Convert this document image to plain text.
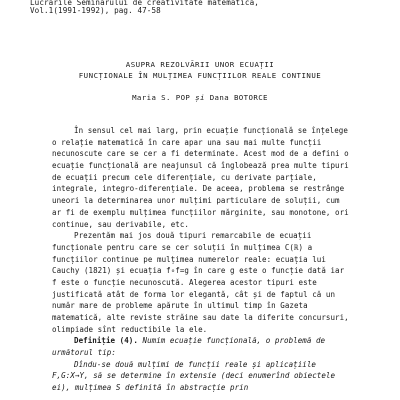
Lucrările Seminarului de creativitate matematică,
Vol.1(1991-1992), pag. 47-58
ASUPRA REZOLVĂRII UNOR ECUAȚII
FUNCȚIONALE ÎN MULȚIMEA FUNCȚIILOR REALE CONTINUE
Maria S. POP și Dana BOTORCE
În sensul cel mai larg, prin ecuație funcțională se înțelege
o relație matematică în care apar una sau mai multe funcții
necunoscute care se cer a fi determinate. Acest mod de a defini o
ecuație funcțională are neajunsul că înglobează prea multe tipuri
de ecuații precum cele diferențiale, cu derivate parțiale,
integrale, integro-diferențiale. De aceea, problema se restrânge
uneori la determinarea unor mulțimi particulare de soluții, cum
ar fi de exemplu mulțimea funcțiilor mărginite, sau monotone, ori
continue, sau derivabile, etc.
Prezentăm mai jos două tipuri remarcabile de ecuații
funcționale pentru care se cer soluții în mulțimea C(ℝ) a
funcțiilor continue pe mulțimea numerelor reale: ecuația lui
Cauchy (1821) și ecuația f∘f=g în care g este o funcție dată iar
f este o funcție necunoscută. Alegerea acestor tipuri este
justificată atât de forma lor elegantă, cât și de faptul că un
număr mare de probleme apărute în ultimul timp în Gazeta
matematică, alte reviste străine sau date la diferite concursuri,
olimpiade sînt reductibile la ele.
Definiție (4). Numim ecuație funcțională, o problemă de
următorul tip:
Dîndu-se două mulțimi de funcții reale și aplicațiile
F,G:X→Y, să se determine în extensie (deci enumerînd obiectele
ei), mulțimea S definită în abstracție prin
